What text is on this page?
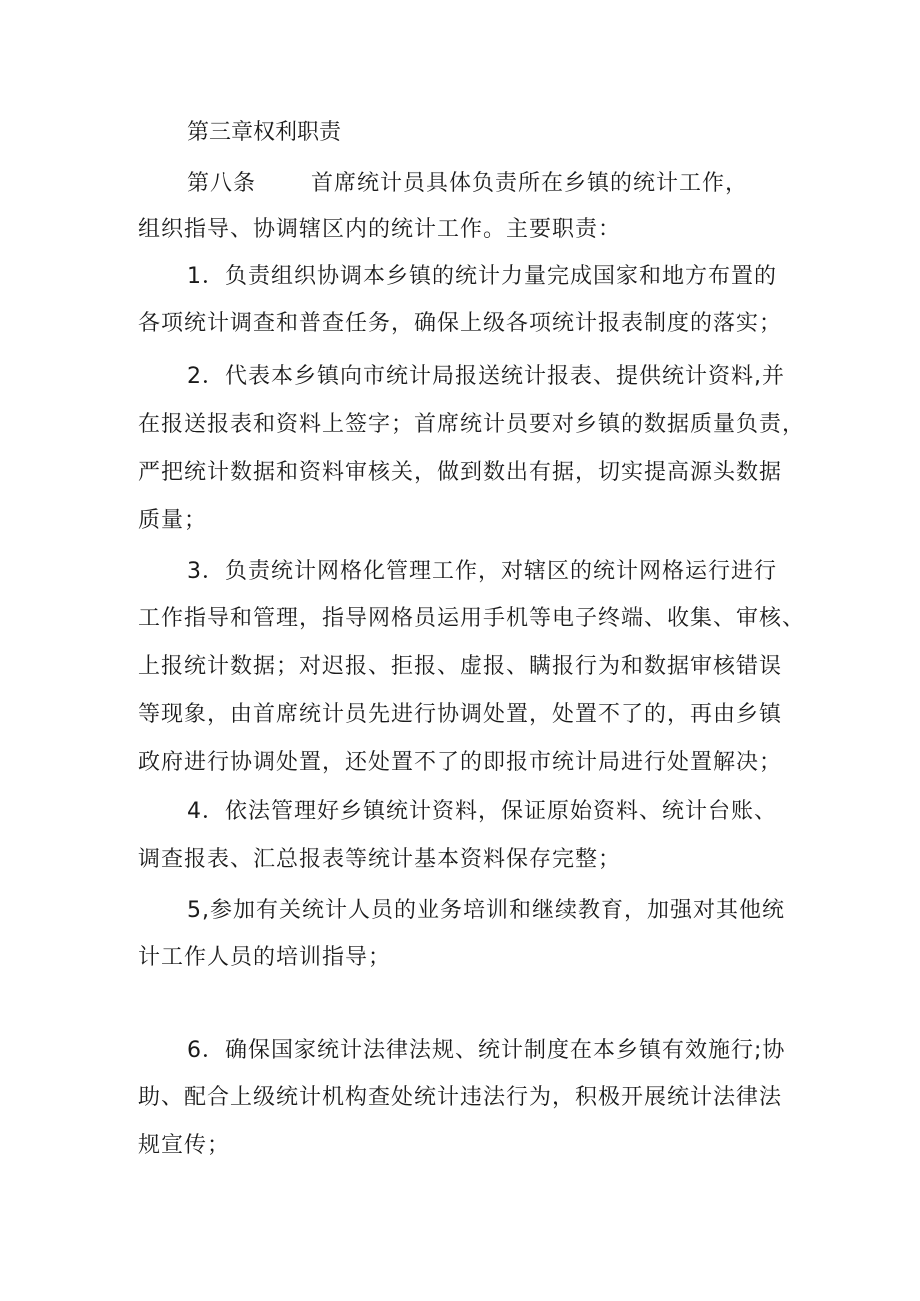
第三章权利职责
第八条 首席统计员具体负责所在乡镇的统计工作，
组织指导、协调辖区内的统计工作。主要职责：
1．负责组织协调本乡镇的统计力量完成国家和地方布置的
各项统计调查和普查任务，确保上级各项统计报表制度的落实；
2．代表本乡镇向市统计局报送统计报表、提供统计资料,并
在报送报表和资料上签字；首席统计员要对乡镇的数据质量负责，
严把统计数据和资料审核关，做到数出有据，切实提高源头数据
质量；
3．负责统计网格化管理工作，对辖区的统计网格运行进行
工作指导和管理，指导网格员运用手机等电子终端、收集、审核、
上报统计数据；对迟报、拒报、虚报、瞒报行为和数据审核错误
等现象，由首席统计员先进行协调处置，处置不了的，再由乡镇
政府进行协调处置，还处置不了的即报市统计局进行处置解决；
4．依法管理好乡镇统计资料，保证原始资料、统计台账、
调查报表、汇总报表等统计基本资料保存完整；
5,参加有关统计人员的业务培训和继续教育，加强对其他统
计工作人员的培训指导；
6．确保国家统计法律法规、统计制度在本乡镇有效施行;协
助、配合上级统计机构查处统计违法行为，积极开展统计法律法
规宣传；
